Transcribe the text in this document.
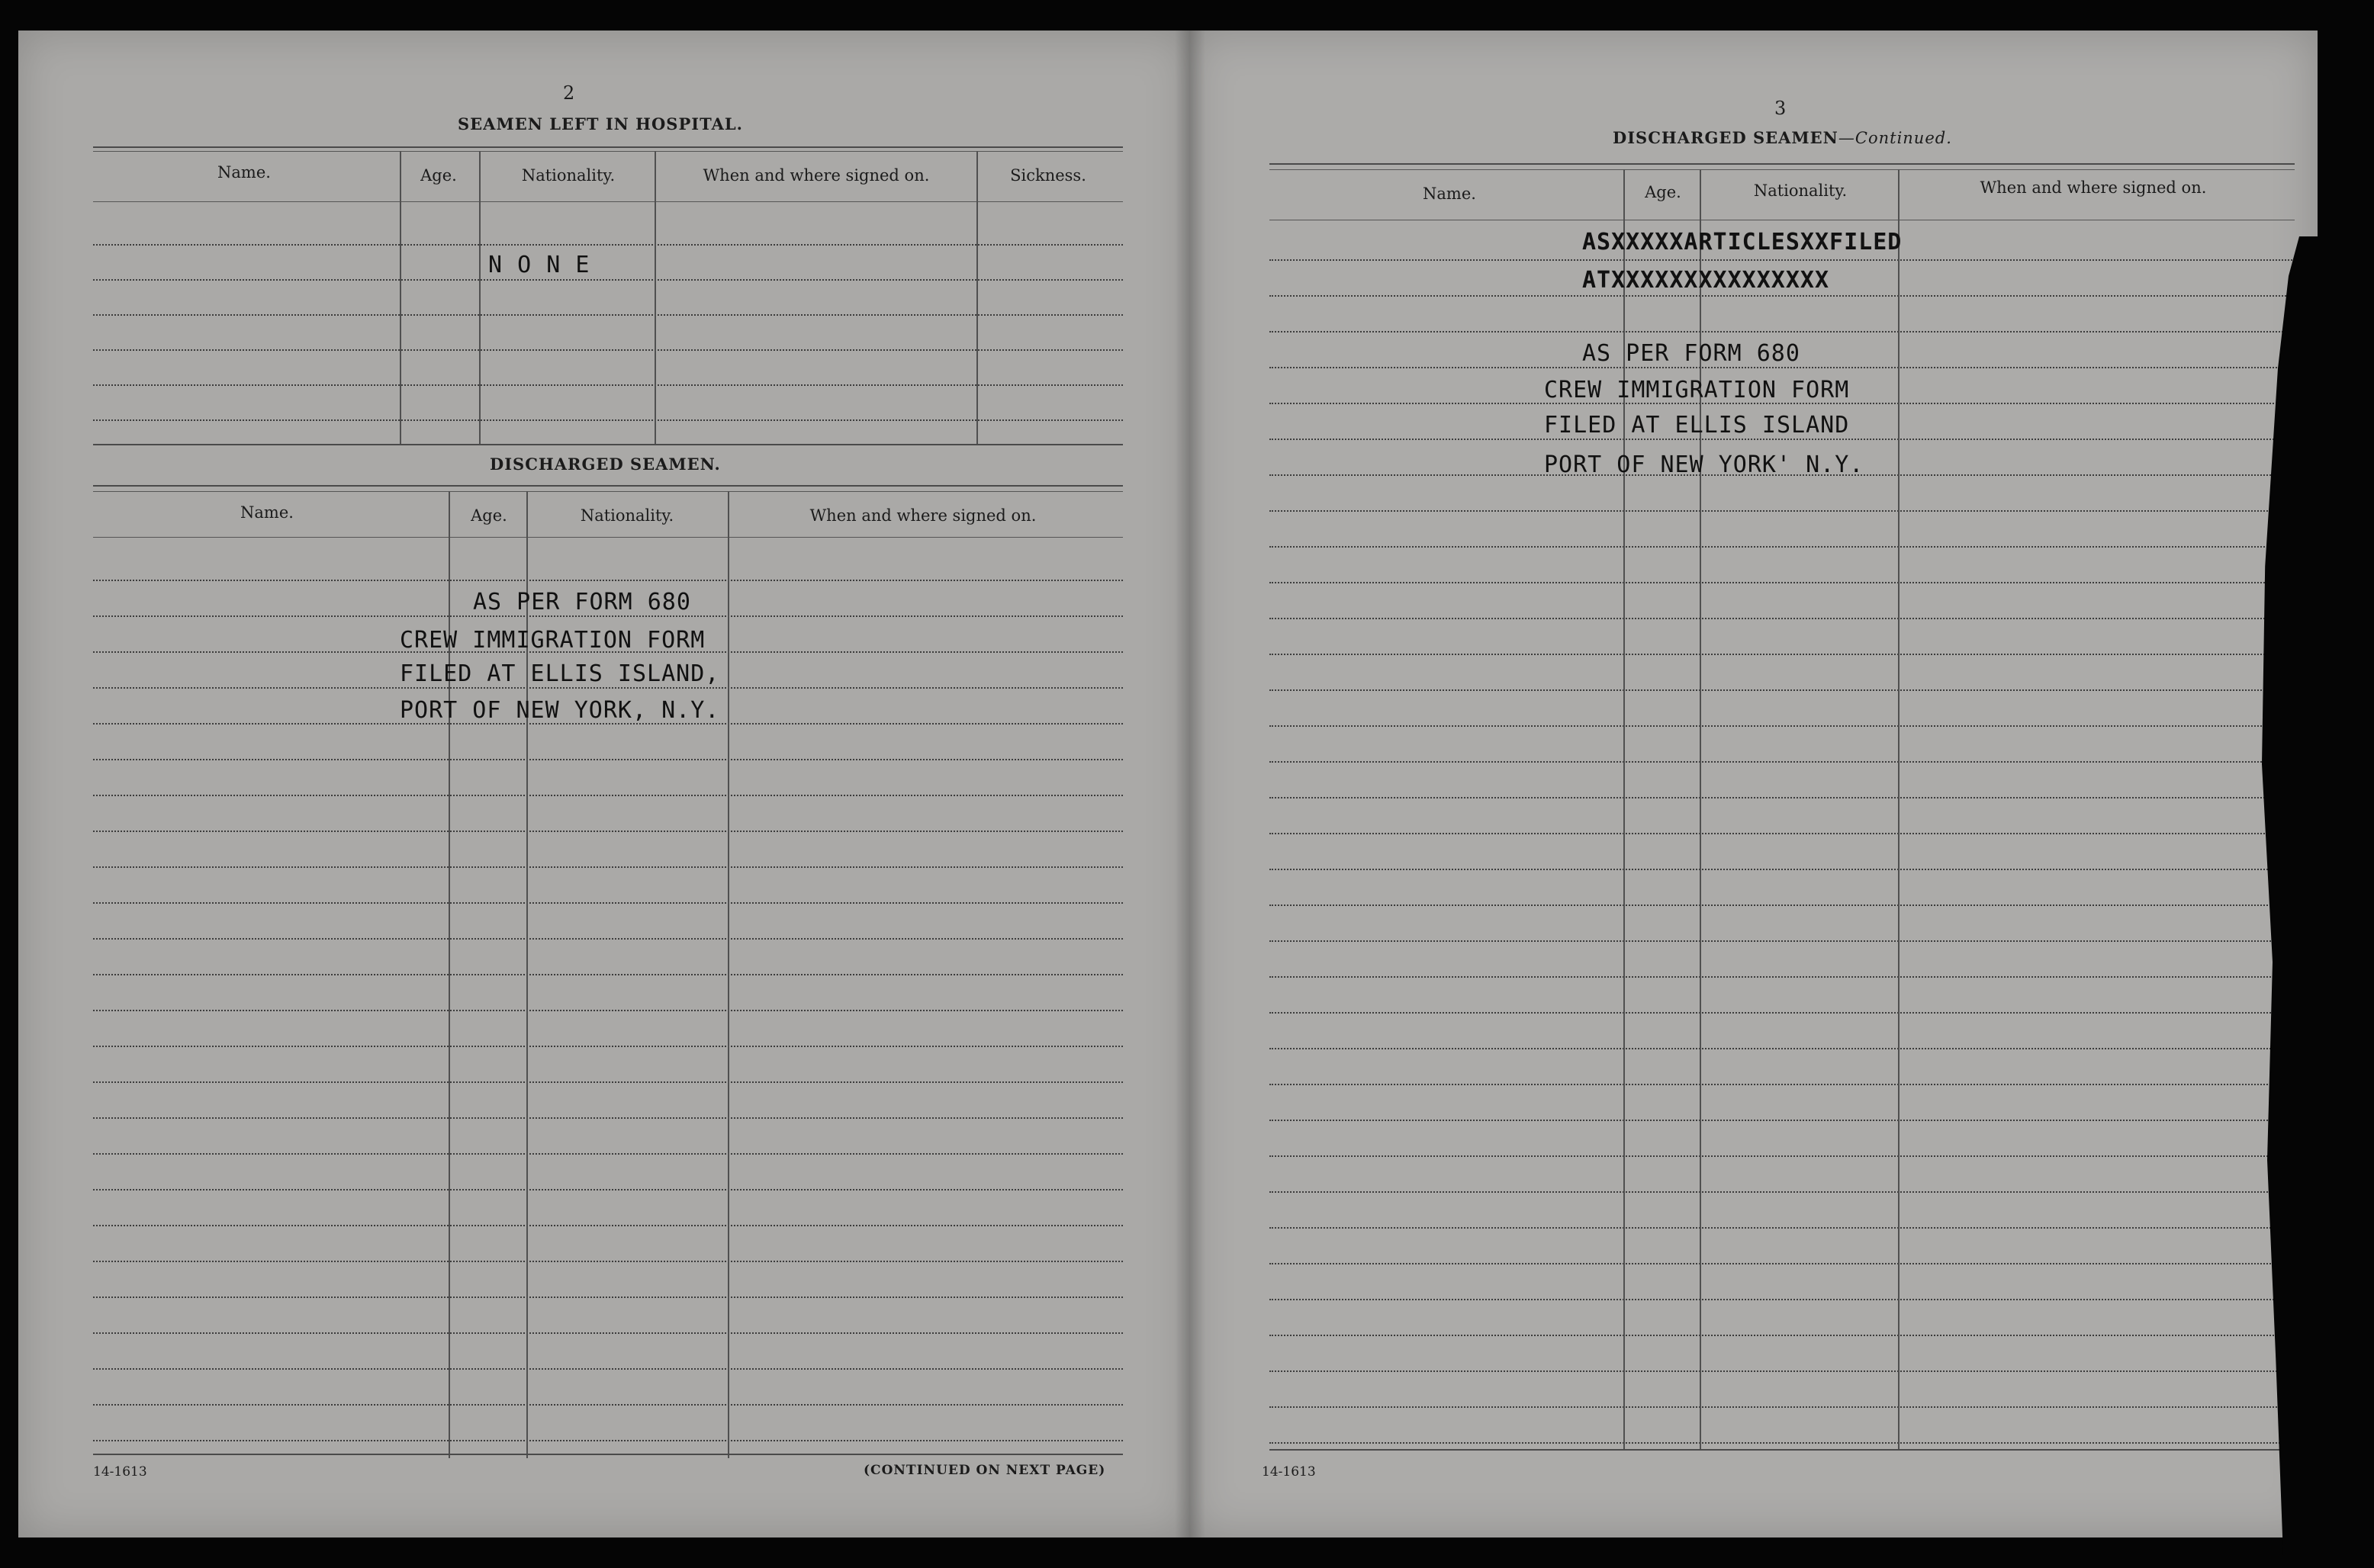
2
SEAMEN LEFT IN HOSPITAL.
Name.	Age.	Nationality.	When and where signed on.	Sickness.
N O N E
DISCHARGED SEAMEN.
Name.	Age.	Nationality.	When and where signed on.
AS PER FORM 680
CREW IMMIGRATION FORM
FILED AT ELLIS ISLAND,
PORT OF NEW YORK, N.Y.
14-1613	(CONTINUED ON NEXT PAGE)
3
DISCHARGED SEAMEN—Continued.
Name.	Age.	Nationality.	When and where signed on.
ASXXXXXARTICLESXXFILED
ATXXXXXXXXXXXXXXX
AS PER FORM 680
CREW IMMIGRATION FORM
FILED AT ELLIS ISLAND
PORT OF NEW YORK' N.Y.
14-1613
